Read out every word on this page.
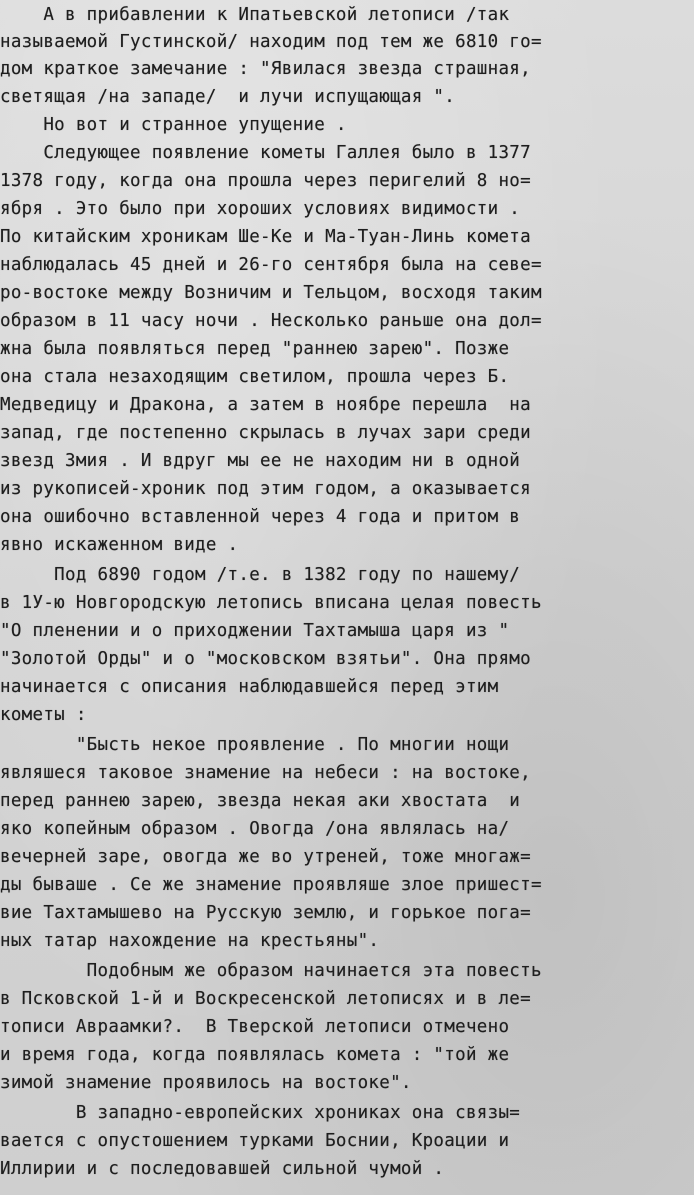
А в прибавлении к Ипатьевской летописи /так
называемой Густинской/ находим под тем же 6810 го=
дом краткое замечание : "Явилася звезда страшная,
светящая /на западе/  и лучи испущающая ".
Но вот и странное упущение .
Следующее появление кометы Галлея было в 1377
1378 году, когда она прошла через перигелий 8 но=
ября . Это было при хороших условиях видимости .
По китайским хроникам Ше-Ке и Ма-Туан-Линь комета
наблюдалась 45 дней и 26-го сентября была на севе=
ро-востоке между Возничим и Тельцом, восходя таким
образом в 11 часу ночи . Несколько раньше она дол=
жна была появляться перед "раннею зарею". Позже
она стала незаходящим светилом, прошла через Б.
Медведицу и Дракона, а затем в ноябре перешла  на
запад, где постепенно скрылась в лучах зари среди
звезд Змия . И вдруг мы ее не находим ни в одной
из рукописей-хроник под этим годом, а оказывается
она ошибочно вставленной через 4 года и притом в
явно искаженном виде .
Под 6890 годом /т.е. в 1382 году по нашему/
в 1У-ю Новгородскую летопись вписана целая повесть
"О пленении и о приходжении Тахтамыша царя из "
"Золотой Орды" и о "московском взятьи". Она прямо
начинается с описания наблюдавшейся перед этим
кометы :
"Бысть некое проявление . По многии нощи
являшеся таковое знамение на небеси : на востоке,
перед раннею зарею, звезда некая аки хвостата  и
яко копейным образом . Овогда /она являлась на/
вечерней заре, овогда же во утреней, тоже многаж=
ды бываше . Се же знамение проявляше злое пришест=
вие Тахтамышево на Русскую землю, и горькое пога=
ных татар нахождение на крестьяны".
Подобным же образом начинается эта повесть
в Псковской 1-й и Воскресенской летописях и в ле=
тописи Авраамки?.  В Тверской летописи отмечено
и время года, когда появлялась комета : "той же
зимой знамение проявилось на востоке".
В западно-европейских хрониках она связы=
вается с опустошением турками Боснии, Кроации и
Иллирии и с последовавшей сильной чумой .
